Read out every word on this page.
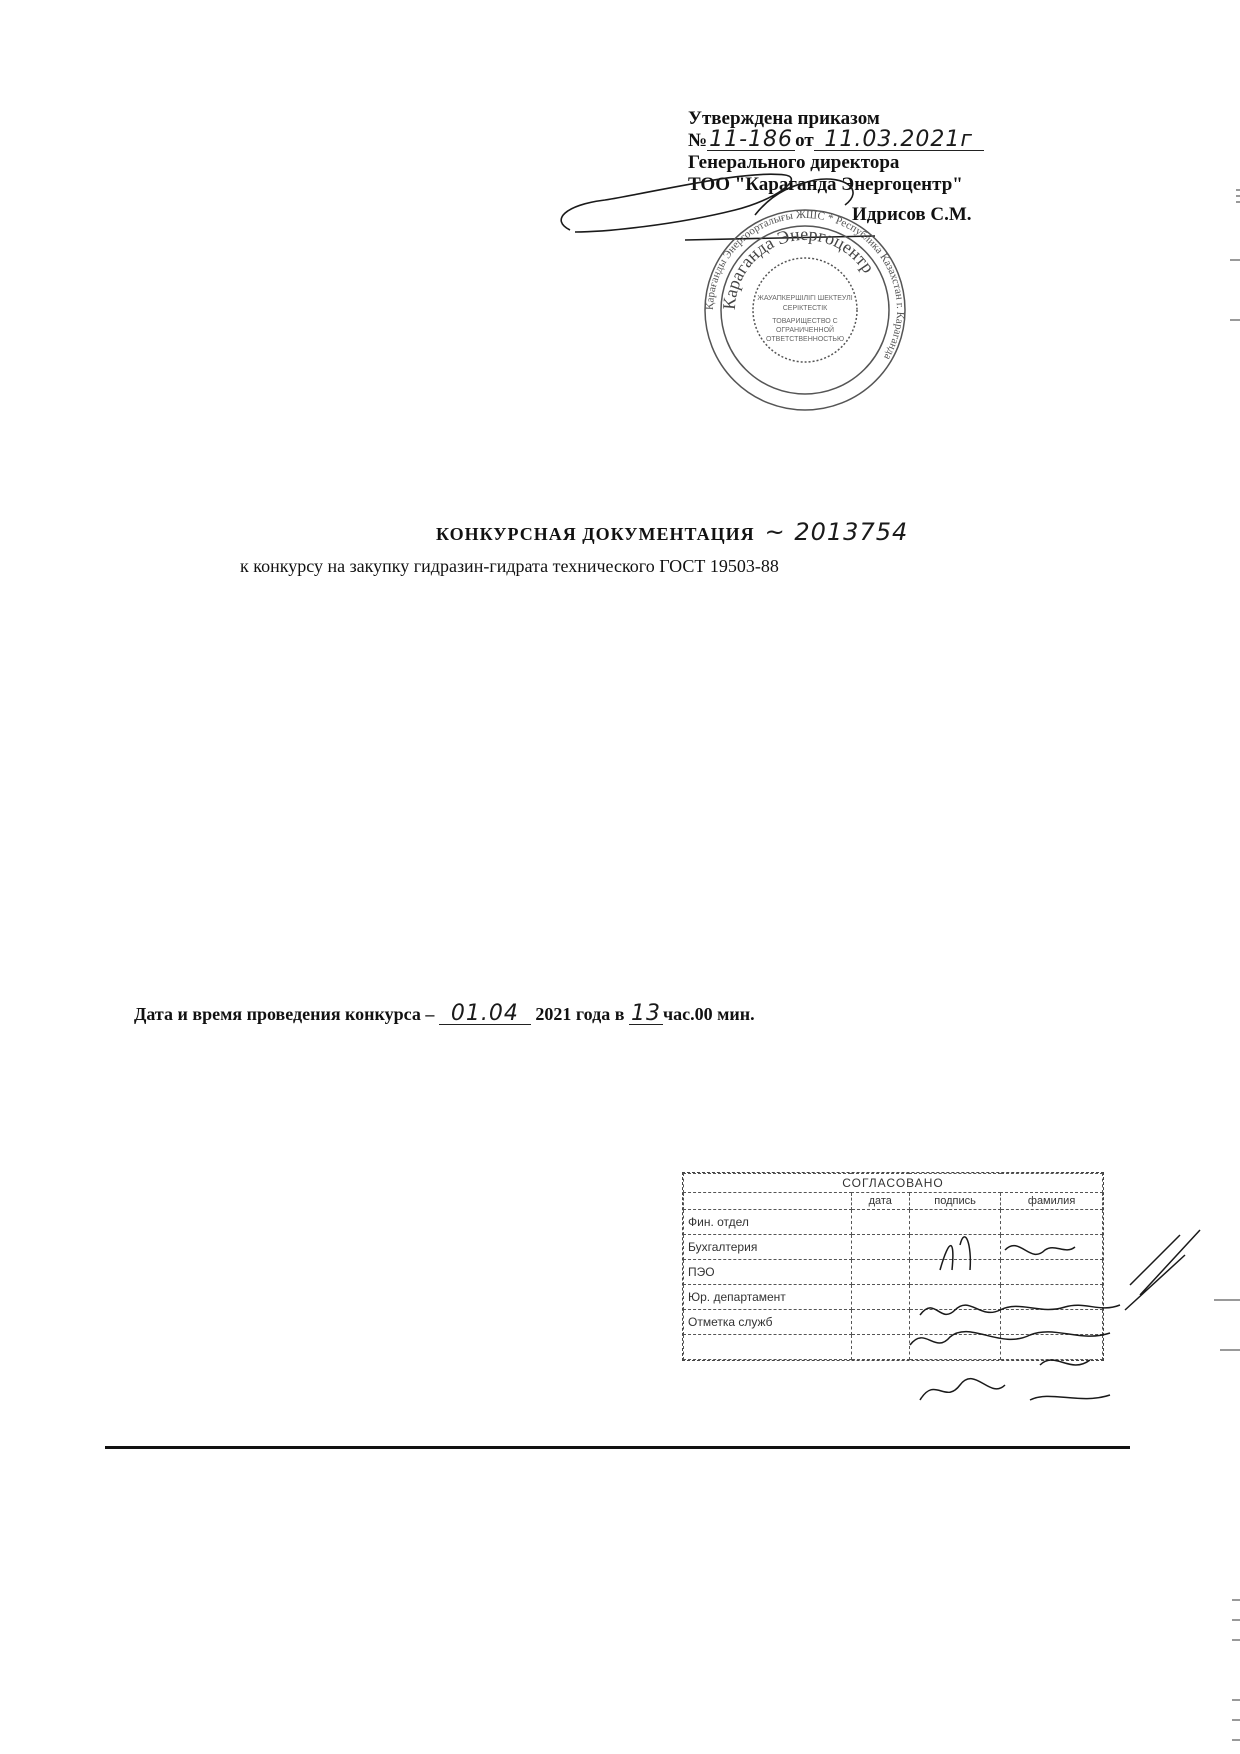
Утверждена приказом
№11-186 от 11.03.2021г
Генерального директора
ТОО "Караганда Энергоцентр"
Идрисов С.М.
Қарағанды Энергоорталығы ЖШС * Республика Казахстан г. Караганда
Караганда Энергоцентр
ЖАУАПКЕРШІЛІГІ ШЕКТЕУЛІ
СЕРІКТЕСТІК
ТОВАРИЩЕСТВО С
ОГРАНИЧЕННОЙ
ОТВЕТСТВЕННОСТЬЮ
КОНКУРСНАЯ ДОКУМЕНТАЦИЯ ~ 2013754
к конкурсу на закупку гидразин-гидрата технического ГОСТ 19503-88
Дата и время проведения конкурса – 01.04 2021 года в 13 час.00 мин.
СОГЛАСОВАНО			
	дата	подпись	фамилия
Фин. отдел			
Бухгалтерия			
ПЭО			
Юр. департамент			
Отметка служб			
